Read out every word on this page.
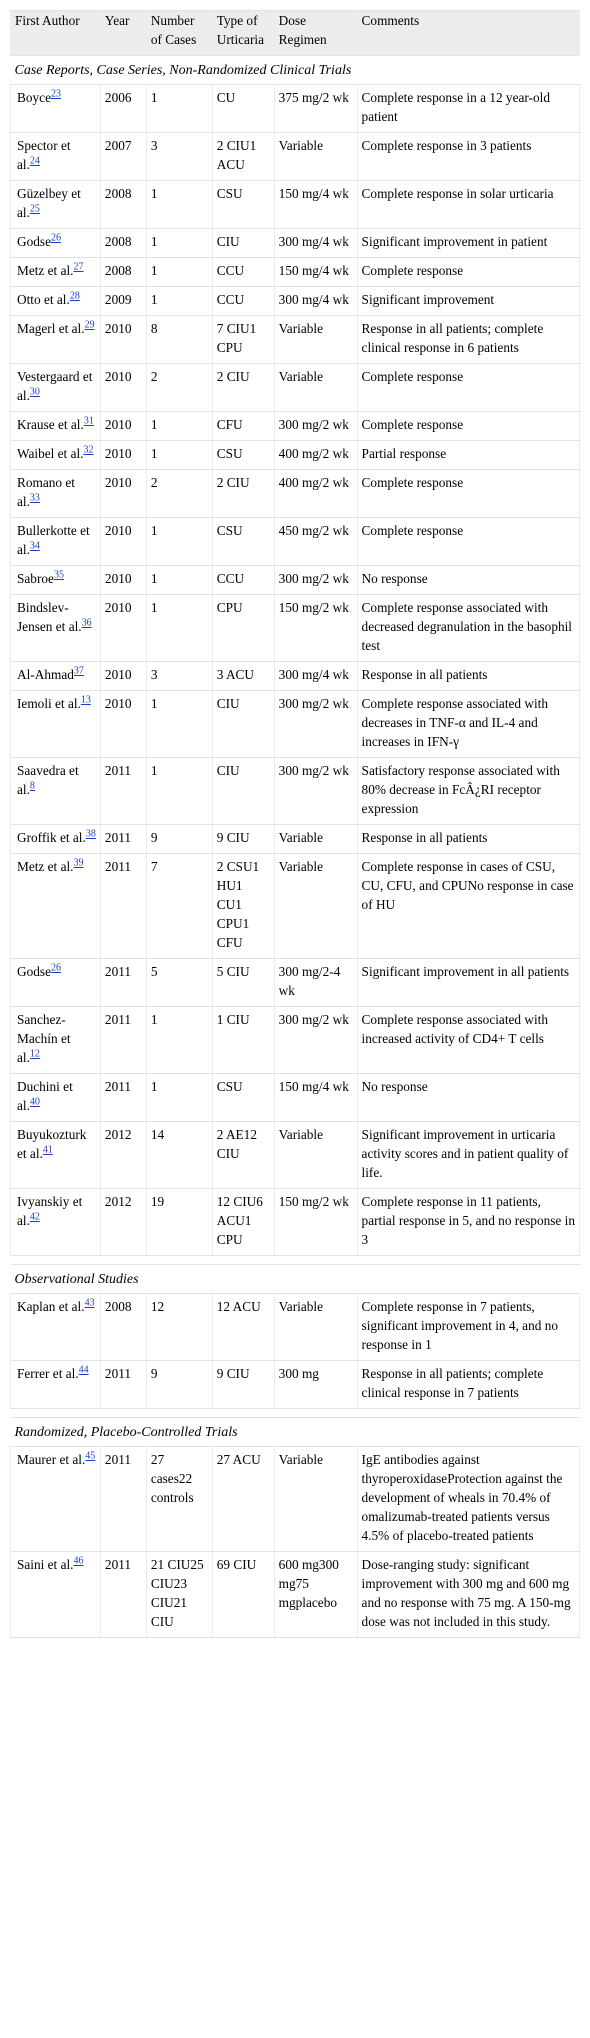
First Author	Year	Number of Cases	Type of Urticaria	Dose Regimen	Comments
Case Reports, Case Series, Non-Randomized Clinical Trials					
Boyce$^{23}$	2006	1	CU	375 mg/2 wk	Complete response in a 12 year-old patient
Spector et al.$^{24}$	2007	3	2 CIU1 ACU	Variable	Complete response in 3 patients
Güzelbey et al.$^{25}$	2008	1	CSU	150 mg/4 wk	Complete response in solar urticaria
Godse$^{26}$	2008	1	CIU	300 mg/4 wk	Significant improvement in patient
Metz et al.$^{27}$	2008	1	CCU	150 mg/4 wk	Complete response
Otto et al.$^{28}$	2009	1	CCU	300 mg/4 wk	Significant improvement
Magerl et al.$^{29}$	2010	8	7 CIU1 CPU	Variable	Response in all patients; complete clinical response in 6 patients
Vestergaard et al.$^{30}$	2010	2	2 CIU	Variable	Complete response
Krause et al.$^{31}$	2010	1	CFU	300 mg/2 wk	Complete response
Waibel et al.$^{32}$	2010	1	CSU	400 mg/2 wk	Partial response
Romano et al.$^{33}$	2010	2	2 CIU	400 mg/2 wk	Complete response
Bullerkotte et al.$^{34}$	2010	1	CSU	450 mg/2 wk	Complete response
Sabroe$^{35}$	2010	1	CCU	300 mg/2 wk	No response
Bindslev-Jensen et al.$^{36}$	2010	1	CPU	150 mg/2 wk	Complete response associated with decreased degranulation in the basophil test
Al-Ahmad$^{37}$	2010	3	3 ACU	300 mg/4 wk	Response in all patients
Iemoli et al.$^{13}$	2010	1	CIU	300 mg/2 wk	Complete response associated with decreases in TNF-α and IL-4 and increases in IFN-γ
Saavedra et al.$^8$	2011	1	CIU	300 mg/2 wk	Satisfactory response associated with 80% decrease in FcÂ¿RI receptor expression
Groffik et al.$^{38}$	2011	9	9 CIU	Variable	Response in all patients
Metz et al.$^{39}$	2011	7	2 CSU1 HU1 CU1 CPU1 CFU	Variable	Complete response in cases of CSU, CU, CFU, and CPUNo response in case of HU
Godse$^{26}$	2011	5	5 CIU	300 mg/2-4 wk	Significant improvement in all patients
Sanchez-Machín et al.$^{12}$	2011	1	1 CIU	300 mg/2 wk	Complete response associated with increased activity of CD4+ T cells
Duchini et al.$^{40}$	2011	1	CSU	150 mg/4 wk	No response
Buyukozturk et al.$^{41}$	2012	14	2 AE12 CIU	Variable	Significant improvement in urticaria activity scores and in patient quality of life.
Ivyanskiy et al.$^{42}$	2012	19	12 CIU6 ACU1 CPU	150 mg/2 wk	Complete response in 11 patients, partial response in 5, and no response in 3

Observational Studies					
Kaplan et al.$^{43}$	2008	12	12 ACU	Variable	Complete response in 7 patients, significant improvement in 4, and no response in 1
Ferrer et al.$^{44}$	2011	9	9 CIU	300 mg	Response in all patients; complete clinical response in 7 patients

Randomized, Placebo-Controlled Trials					
Maurer et al.$^{45}$	2011	27 cases22 controls	27 ACU	Variable	IgE antibodies against thyroperoxidaseProtection against the development of wheals in 70.4% of omalizumab-treated patients versus 4.5% of placebo-treated patients
Saini et al.$^{46}$	2011	21 CIU25 CIU23 CIU21 CIU	69 CIU	600 mg300 mg75 mgplacebo	Dose-ranging study: significant improvement with 300 mg and 600 mg and no response with 75 mg. A 150-mg dose was not included in this study.
